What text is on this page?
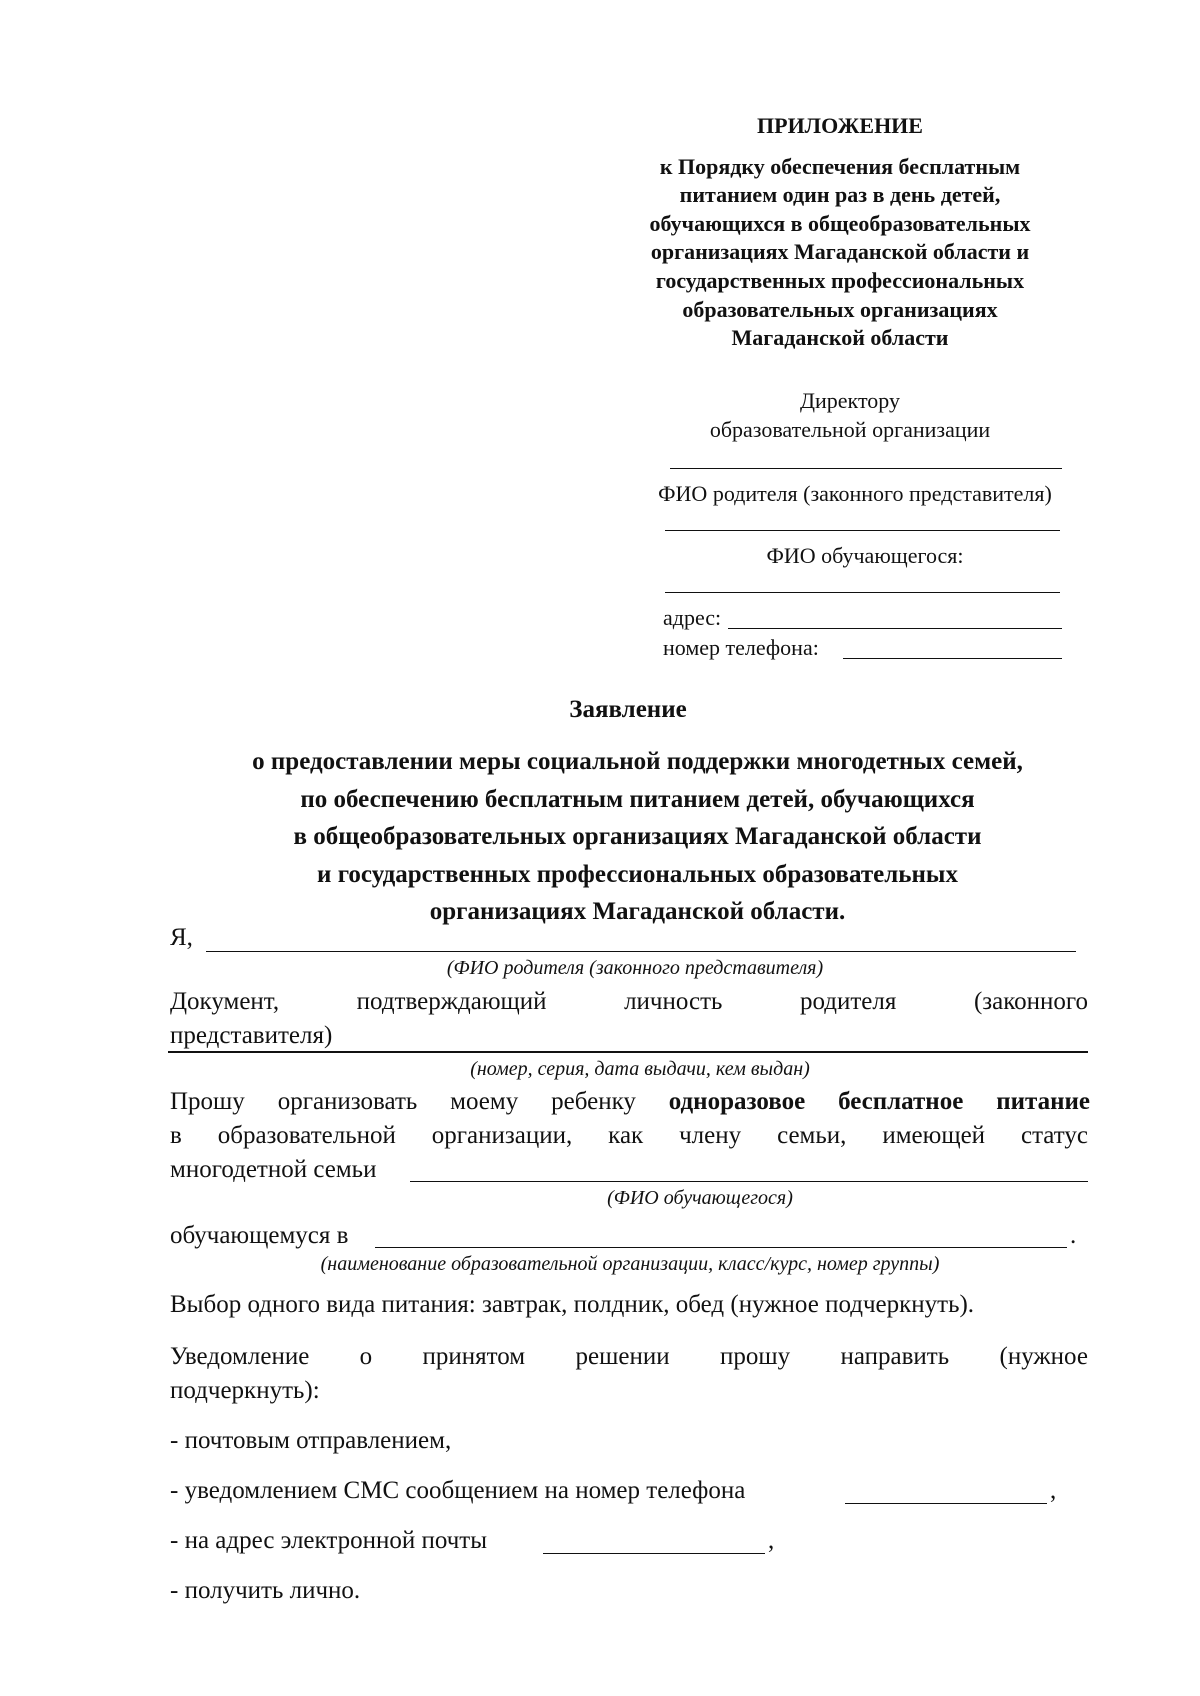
ПРИЛОЖЕНИЕ
к Порядку обеспечения бесплатным
питанием один раз в день детей,
обучающихся в общеобразовательных
организациях Магаданской области и
государственных профессиональных
образовательных организациях
Магаданской области
Директору
образовательной организации
ФИО родителя (законного представителя)
ФИО обучающегося:
адрес:
номер телефона:
Заявление
о предоставлении меры социальной поддержки многодетных семей,
по обеспечению бесплатным питанием детей, обучающихся
в общеобразовательных организациях Магаданской области
и государственных профессиональных образовательных
организациях Магаданской области.
Я,
(ФИО родителя (законного представителя)
Документ,	подтверждающий	личность	родителя	(законного
представителя)
(номер, серия, дата выдачи, кем выдан)
Прошу организовать моему ребенку одноразовое бесплатное питание
в образовательной организации, как члену семьи, имеющей статус
многодетной семьи
(ФИО обучающегося)
обучающемуся в	.
(наименование образовательной организации, класс/курс, номер группы)
Выбор одного вида питания: завтрак, полдник, обед (нужное подчеркнуть).
Уведомление о принятом решении прошу направить (нужное
подчеркнуть):
- почтовым отправлением,
- уведомлением СМС сообщением на номер телефона	,
- на адрес электронной почты	,
- получить лично.
